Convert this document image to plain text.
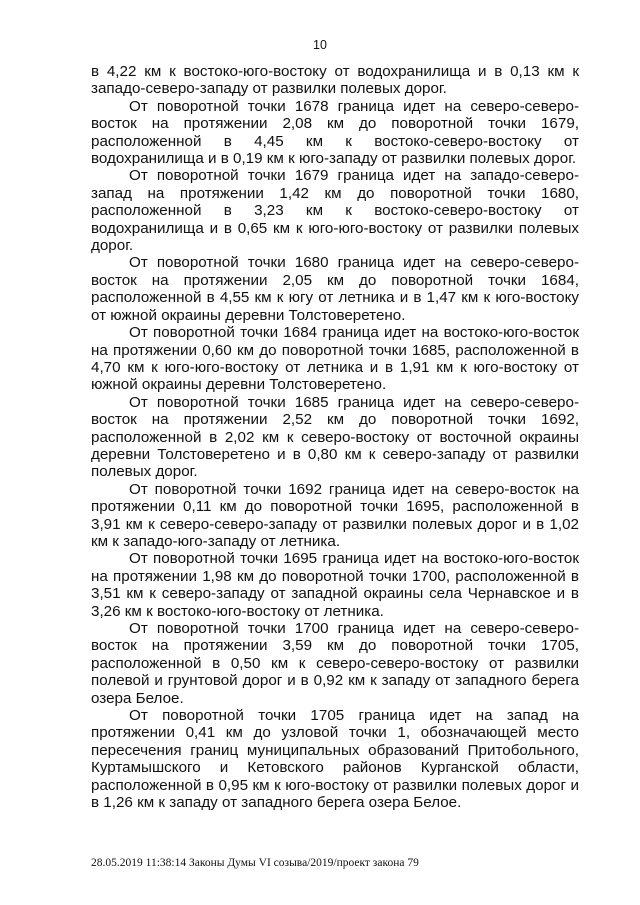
10

в 4,22 км к востоко-юго-востоку от водохранилища и в 0,13 км к западо-северо-западу от развилки полевых дорог.

От поворотной точки 1678 граница идет на северо-северо-восток на протяжении 2,08 км до поворотной точки 1679, расположенной в 4,45 км к востоко-северо-востоку от водохранилища и в 0,19 км к юго-западу от развилки полевых дорог.

От поворотной точки 1679 граница идет на западо-северо-запад на протяжении 1,42 км до поворотной точки 1680, расположенной в 3,23 км к востоко-северо-востоку от водохранилища и в 0,65 км к юго-юго-востоку от развилки полевых дорог.

От поворотной точки 1680 граница идет на северо-северо-восток на протяжении 2,05 км до поворотной точки 1684, расположенной в 4,55 км к югу от летника и в 1,47 км к юго-востоку от южной окраины деревни Толстоверетено.

От поворотной точки 1684 граница идет на востоко-юго-восток на протяжении 0,60 км до поворотной точки 1685, расположенной в 4,70 км к юго-юго-востоку от летника и в 1,91 км к юго-востоку от южной окраины деревни Толстоверетено.

От поворотной точки 1685 граница идет на северо-северо-восток на протяжении 2,52 км до поворотной точки 1692, расположенной в 2,02 км к северо-востоку от восточной окраины деревни Толстоверетено и в 0,80 км к северо-западу от развилки полевых дорог.

От поворотной точки 1692 граница идет на северо-восток на протяжении 0,11 км до поворотной точки 1695, расположенной в 3,91 км к северо-северо-западу от развилки полевых дорог и в 1,02 км к западо-юго-западу от летника.

От поворотной точки 1695 граница идет на востоко-юго-восток на протяжении 1,98 км до поворотной точки 1700, расположенной в 3,51 км к северо-западу от западной окраины села Чернавское и в 3,26 км к востоко-юго-востоку от летника.

От поворотной точки 1700 граница идет на северо-северо-восток на протяжении 3,59 км до поворотной точки 1705, расположенной в 0,50 км к северо-северо-востоку от развилки полевой и грунтовой дорог и в 0,92 км к западу от западного берега озера Белое.

От поворотной точки 1705 граница идет на запад на протяжении 0,41 км до узловой точки 1, обозначающей место пересечения границ муниципальных образований Притобольного, Куртамышского и Кетовского районов Курганской области, расположенной в 0,95 км к юго-востоку от развилки полевых дорог и в 1,26 км к западу от западного берега озера Белое.

28.05.2019 11:38:14 Законы Думы VI созыва/2019/проект закона 79
